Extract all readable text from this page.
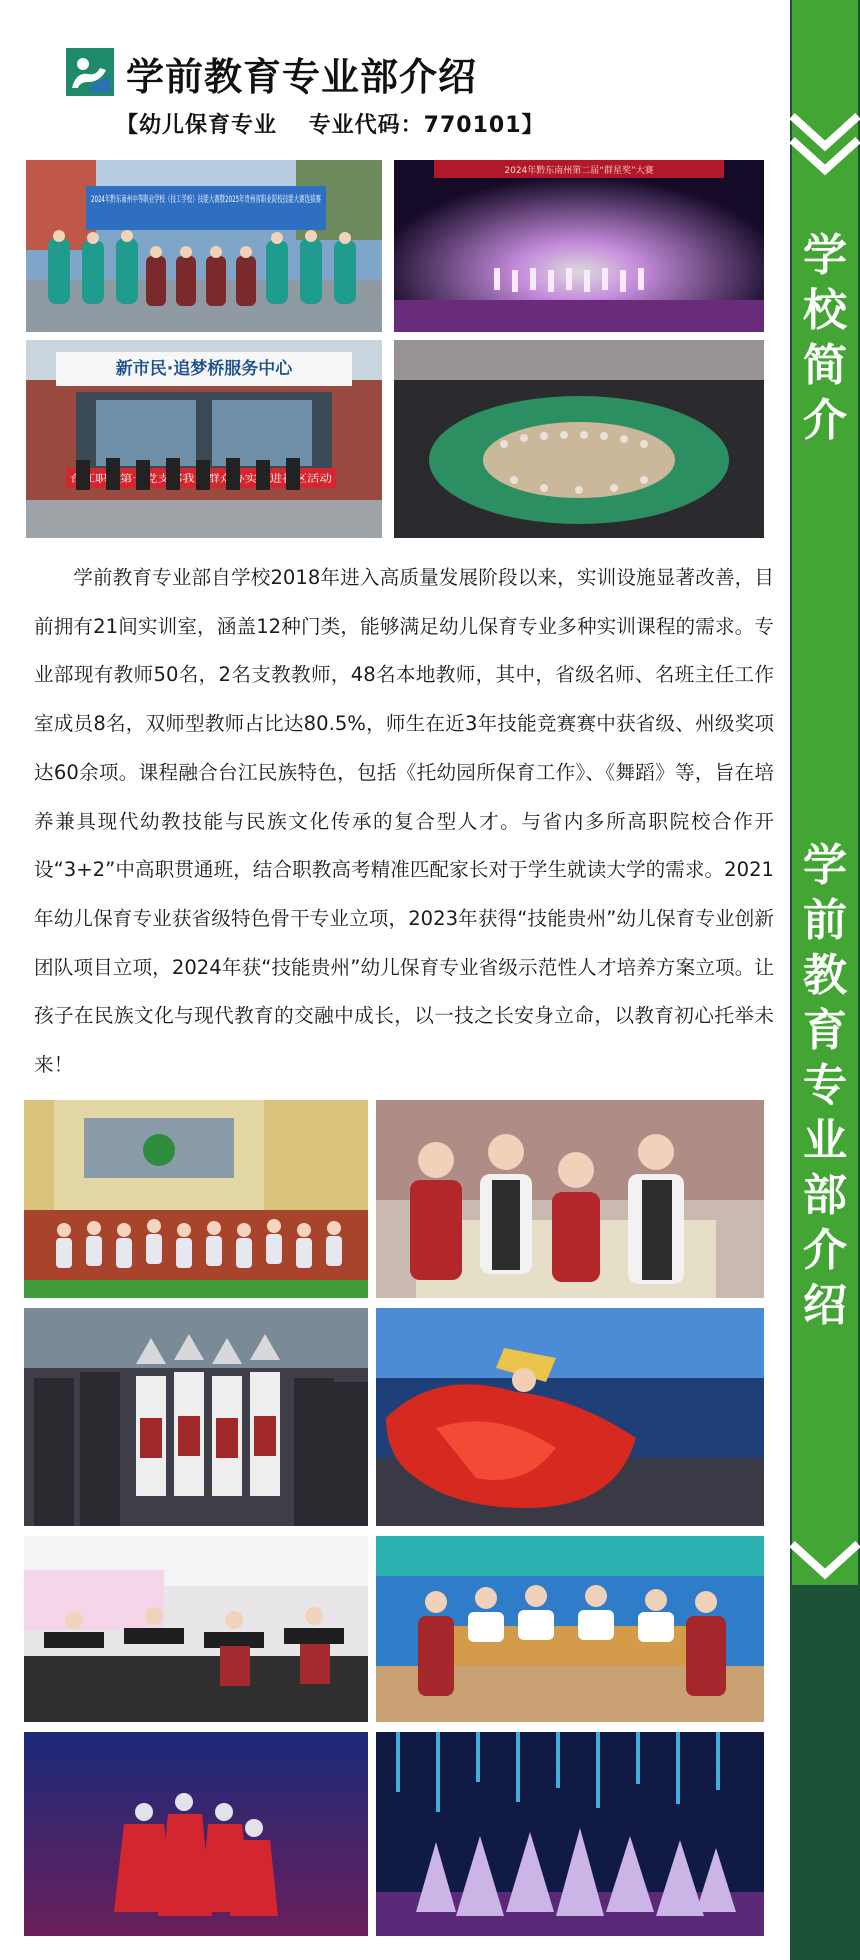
学前教育专业部介绍
【幼儿保育专业　 专业代码：770101】
2024年黔东南州中等职业学校（技工学校）技能大赛暨2025年贵州省职业院校技能大赛选拔赛
2024年黔东南州第二届“群星奖”大赛
新市民·追梦桥服务中心
学前教育专业部自学校2018年进入高质量发展阶段以来，实训设施显著改善，目前拥有21间实训室，涵盖12种门类，能够满足幼儿保育专业多种实训课程的需求。专业部现有教师50名，2名支教教师，48名本地教师，其中，省级名师、名班主任工作室成员8名，双师型教师占比达80.5%，师生在近3年技能竞赛赛中获省级、州级奖项达60余项。课程融合台江民族特色，包括《托幼园所保育工作》、《舞蹈》等，旨在培养兼具现代幼教技能与民族文化传承的复合型人才。与省内多所高职院校合作开设“3+2”中高职贯通班，结合职教高考精准匹配家长对于学生就读大学的需求。2021年幼儿保育专业获省级特色骨干专业立项，2023年获得“技能贵州”幼儿保育专业创新团队项目立项，2024年获“技能贵州”幼儿保育专业省级示范性人才培养方案立项。让孩子在民族文化与现代教育的交融中成长，以一技之长安身立命，以教育初心托举未来！
学
校
简
介
学
前
教
育
专
业
部
介
绍
